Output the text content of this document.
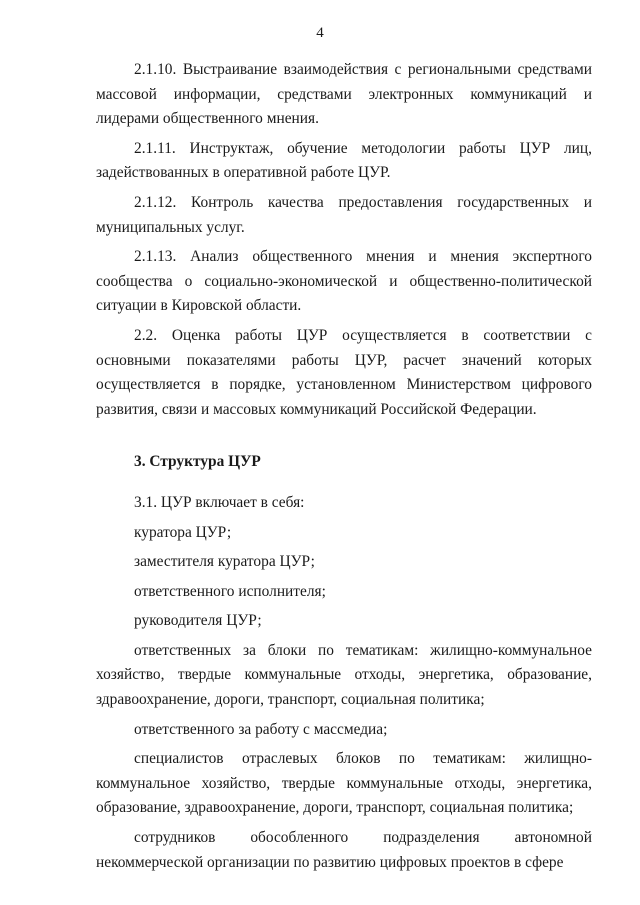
4

2.1.10. Выстраивание взаимодействия с региональными средствами массовой информации, средствами электронных коммуникаций и лидерами общественного мнения.

2.1.11. Инструктаж, обучение методологии работы ЦУР лиц, задействованных в оперативной работе ЦУР.

2.1.12. Контроль качества предоставления государственных и муниципальных услуг.

2.1.13. Анализ общественного мнения и мнения экспертного сообщества о социально-экономической и общественно-политической ситуации в Кировской области.

2.2. Оценка работы ЦУР осуществляется в соответствии с основными показателями работы ЦУР, расчет значений которых осуществляется в порядке, установленном Министерством цифрового развития, связи и массовых коммуникаций Российской Федерации.

3. Структура ЦУР

3.1. ЦУР включает в себя:

куратора ЦУР;

заместителя куратора ЦУР;

ответственного исполнителя;

руководителя ЦУР;

ответственных за блоки по тематикам: жилищно-коммунальное хозяйство, твердые коммунальные отходы, энергетика, образование, здравоохранение, дороги, транспорт, социальная политика;

ответственного за работу с массмедиа;

специалистов отраслевых блоков по тематикам: жилищно-коммунальное хозяйство, твердые коммунальные отходы, энергетика, образование, здравоохранение, дороги, транспорт, социальная политика;

сотрудников обособленного подразделения автономной некоммерческой организации по развитию цифровых проектов в сфере
